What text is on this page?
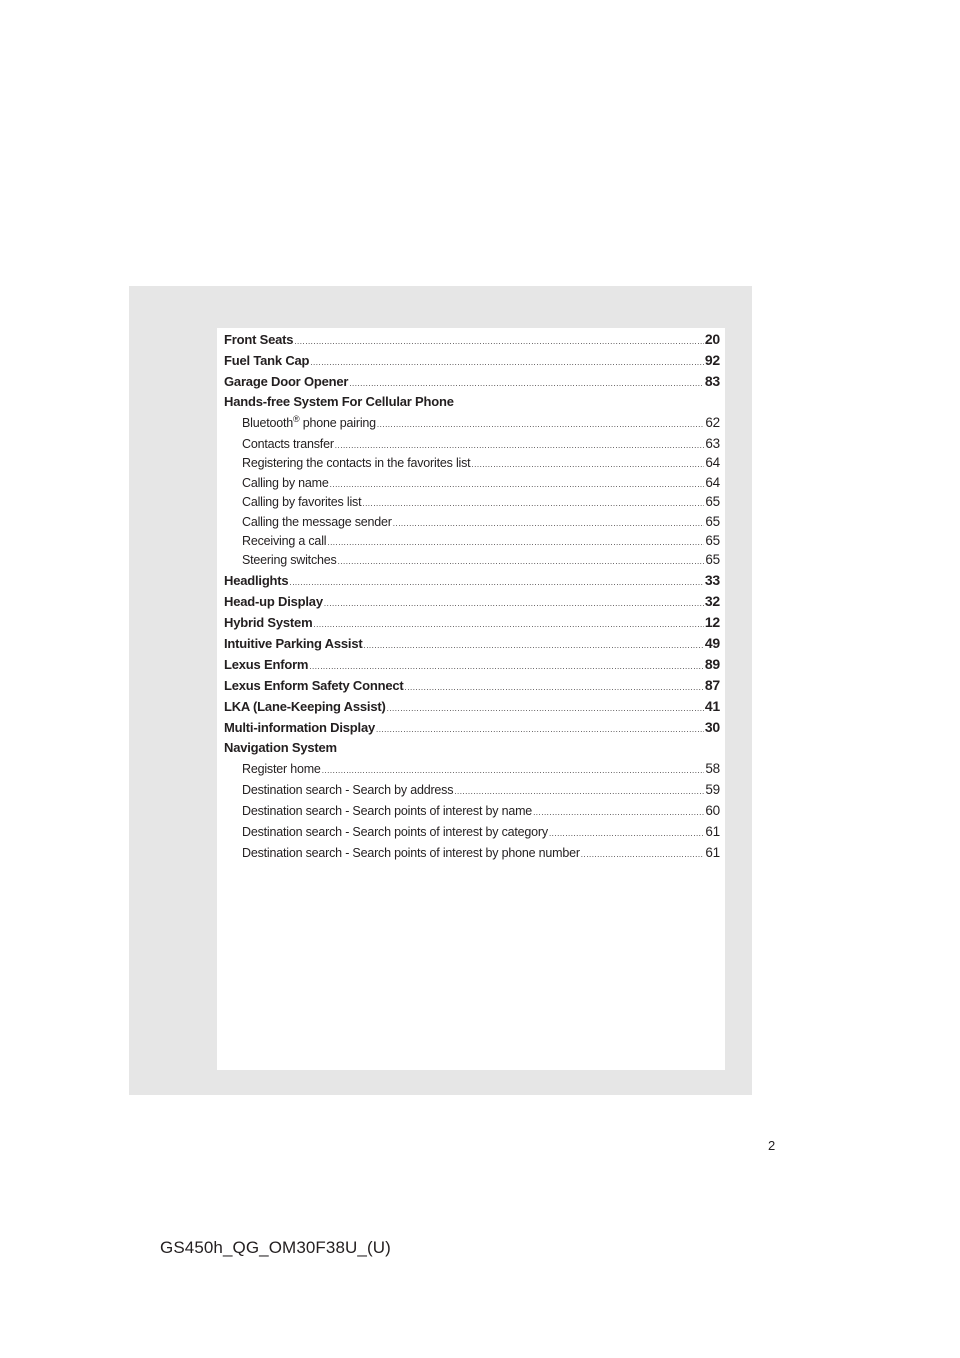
Front Seats .....	20
Fuel Tank Cap .....	92
Garage Door Opener .....	83
Hands-free System For Cellular Phone
Bluetooth® phone pairing .....	62
Contacts transfer .....	63
Registering the contacts in the favorites list .....	64
Calling by name .....	64
Calling by favorites list .....	65
Calling the message sender .....	65
Receiving a call .....	65
Steering switches .....	65
Headlights .....	33
Head-up Display .....	32
Hybrid System .....	12
Intuitive Parking Assist .....	49
Lexus Enform .....	89
Lexus Enform Safety Connect .....	87
LKA (Lane-Keeping Assist) .....	41
Multi-information Display .....	30
Navigation System
Register home .....	58
Destination search - Search by address .....	59
Destination search - Search points of interest by name .....	60
Destination search - Search points of interest by category .....	61
Destination search - Search points of interest by phone number .....	61
2
GS450h_QG_OM30F38U_(U)
